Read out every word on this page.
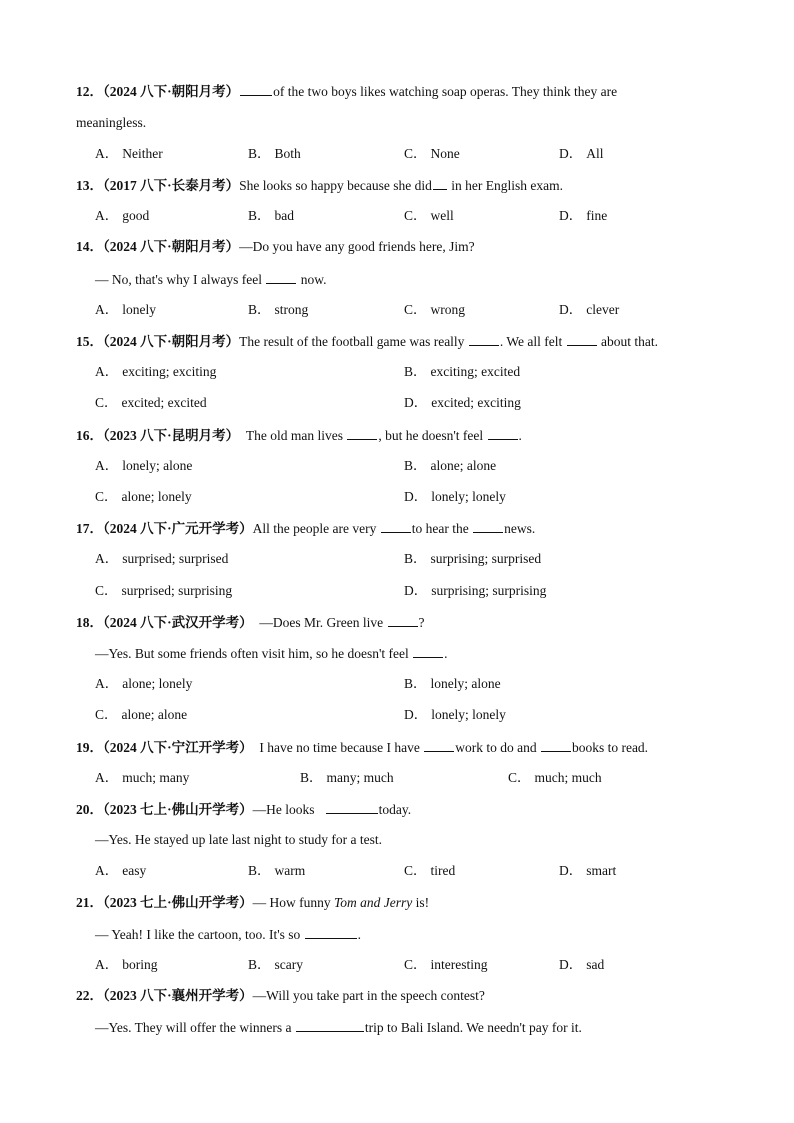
12．（2024 八下·朝阳月考）	of the two boys likes watching soap operas. They think they are
meaningless.
A． Neither	B． Both	C． None	D． All
13．（2017 八下·长泰月考）She looks so happy because she did in her English exam.
A． good	B． bad	C． well	D． fine
14．（2024 八下·朝阳月考）—Do you have any good friends here, Jim?
— No, that's why I always feel  now.
A． lonely	B． strong	C． wrong	D． clever
15．（2024 八下·朝阳月考）The result of the football game was really . We all felt  about that.
A． exciting; exciting	B． exciting; excited
C． excited; excited	D． excited; exciting
16．（2023 八下·昆明月考）  The old man lives , but he doesn't feel .
A． lonely; alone	B． alone; alone
C． alone; lonely	D． lonely; lonely
17．（2024 八下·广元开学考）All the people are very to hear the news.
A． surprised; surprised	B． surprising; surprised
C． surprised; surprising	D． surprising; surprising
18．（2024 八下·武汉开学考）  —Does Mr. Green live ?
—Yes. But some friends often visit him, so he doesn't feel .
A． alone; lonely	B． lonely; alone
C． alone; alone	D． lonely; lonely
19．（2024 八下·宁江开学考）  I have no time because I have work to do and books to read.
A． much; many	B． many; much	C． much; much
20．（2023 七上·佛山开学考）—He looks	today.
—Yes. He stayed up late last night to study for a test.
A． easy	B． warm	C． tired	D． smart
21．（2023 七上·佛山开学考）— How funny Tom and Jerry is!
— Yeah! I like the cartoon, too. It's so	.
A． boring	B． scary	C． interesting	D． sad
22．（2023 八下·襄州开学考）—Will you take part in the speech contest?
—Yes. They will offer the winners a	trip to Bali Island. We needn't pay for it.
